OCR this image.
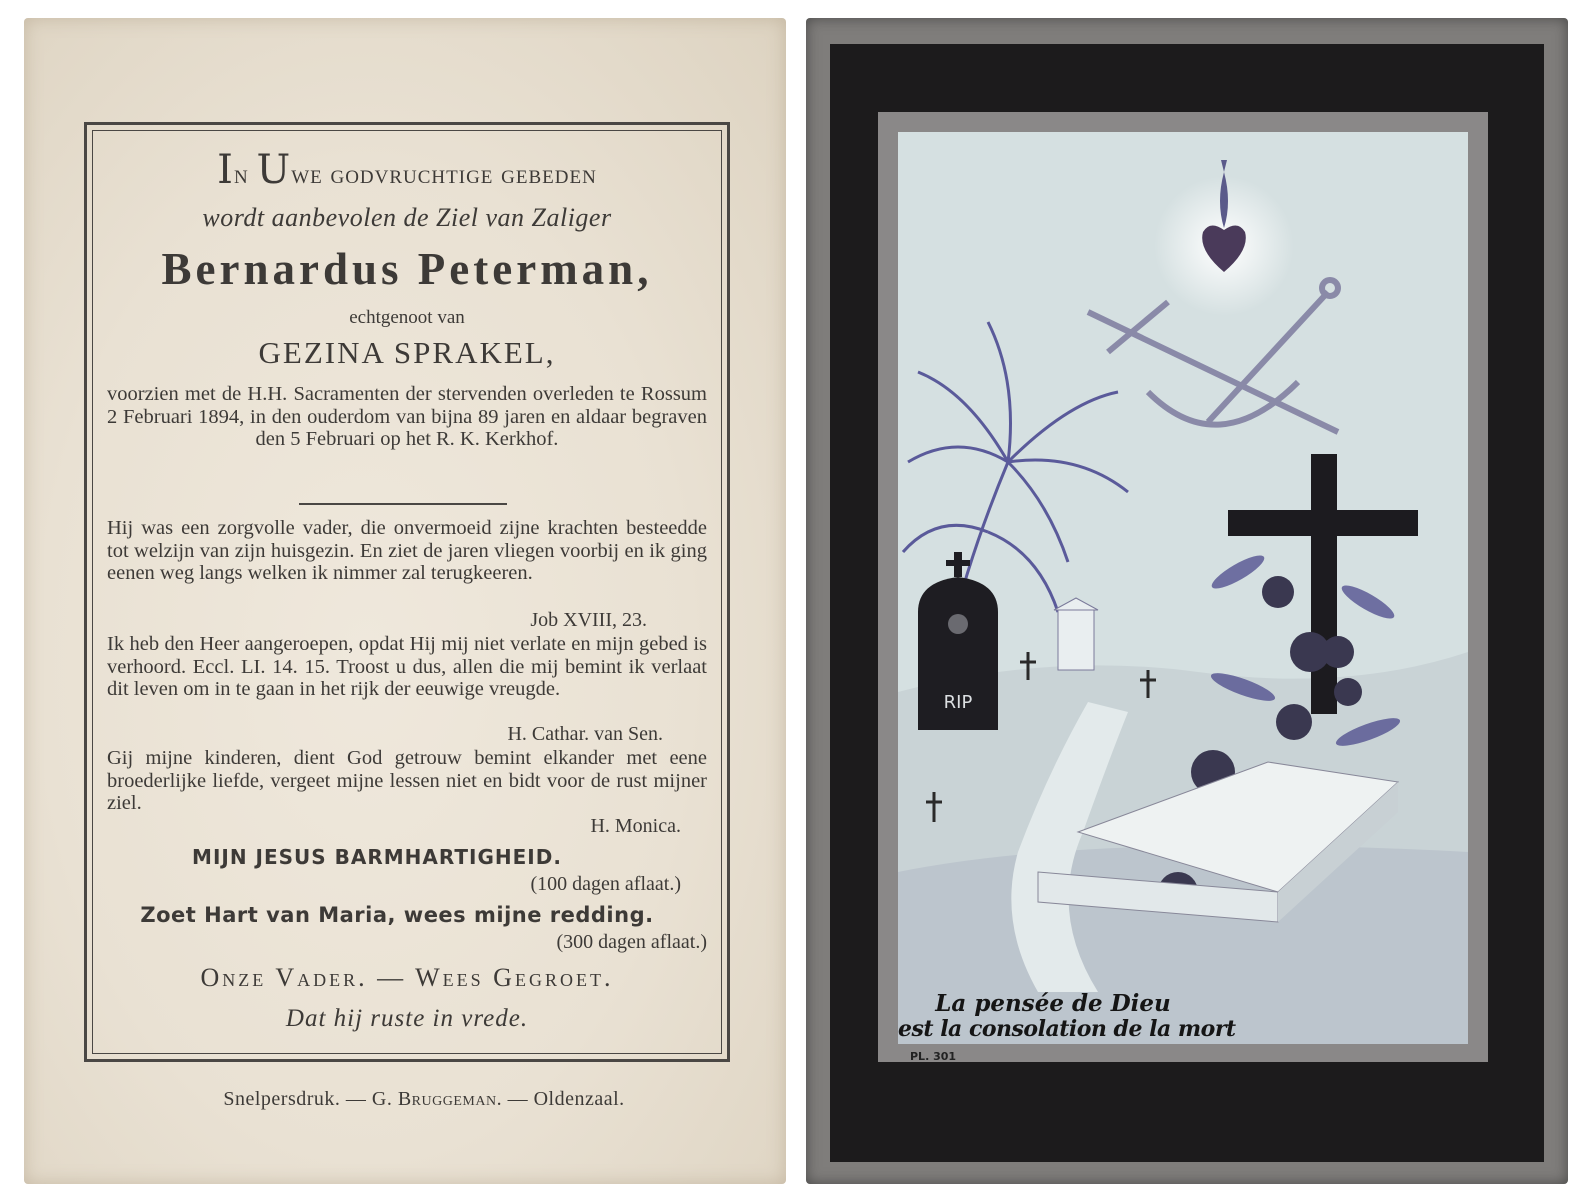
In Uwe godvruchtige gebeden
wordt aanbevolen de Ziel van Zaliger
Bernardus Peterman,
echtgenoot van
GEZINA SPRAKEL,
voorzien met de H.H. Sacramenten der stervenden overleden te Rossum 2 Februari 1894, in den ouderdom van bijna 89 jaren en aldaar begraven den 5 Februari op het R. K. Kerkhof.
Hij was een zorgvolle vader, die onvermoeid zijne krachten besteedde tot welzijn van zijn huisgezin. En ziet de jaren vliegen voorbij en ik ging eenen weg langs welken ik nimmer zal terugkeeren.
Job XVIII, 23.
Ik heb den Heer aangeroepen, opdat Hij mij niet verlate en mijn gebed is verhoord. Eccl. LI. 14. 15. Troost u dus, allen die mij bemint ik verlaat dit leven om in te gaan in het rijk der eeuwige vreugde.
H. Cathar. van Sen.
Gij mijne kinderen, dient God getrouw bemint elkander met eene broederlijke liefde, vergeet mijne lessen niet en bidt voor de rust mijner ziel.
H. Monica.
MIJN JESUS BARMHARTIGHEID.
(100 dagen aflaat.)
Zoet Hart van Maria, wees mijne redding.
(300 dagen aflaat.)
Onze Vader. — Wees Gegroet.
Dat hij ruste in vrede.
Snelpersdruk. — G. Bruggeman. — Oldenzaal.
RIP
La pensée de Dieu
est la consolation de la mort
PL. 301
